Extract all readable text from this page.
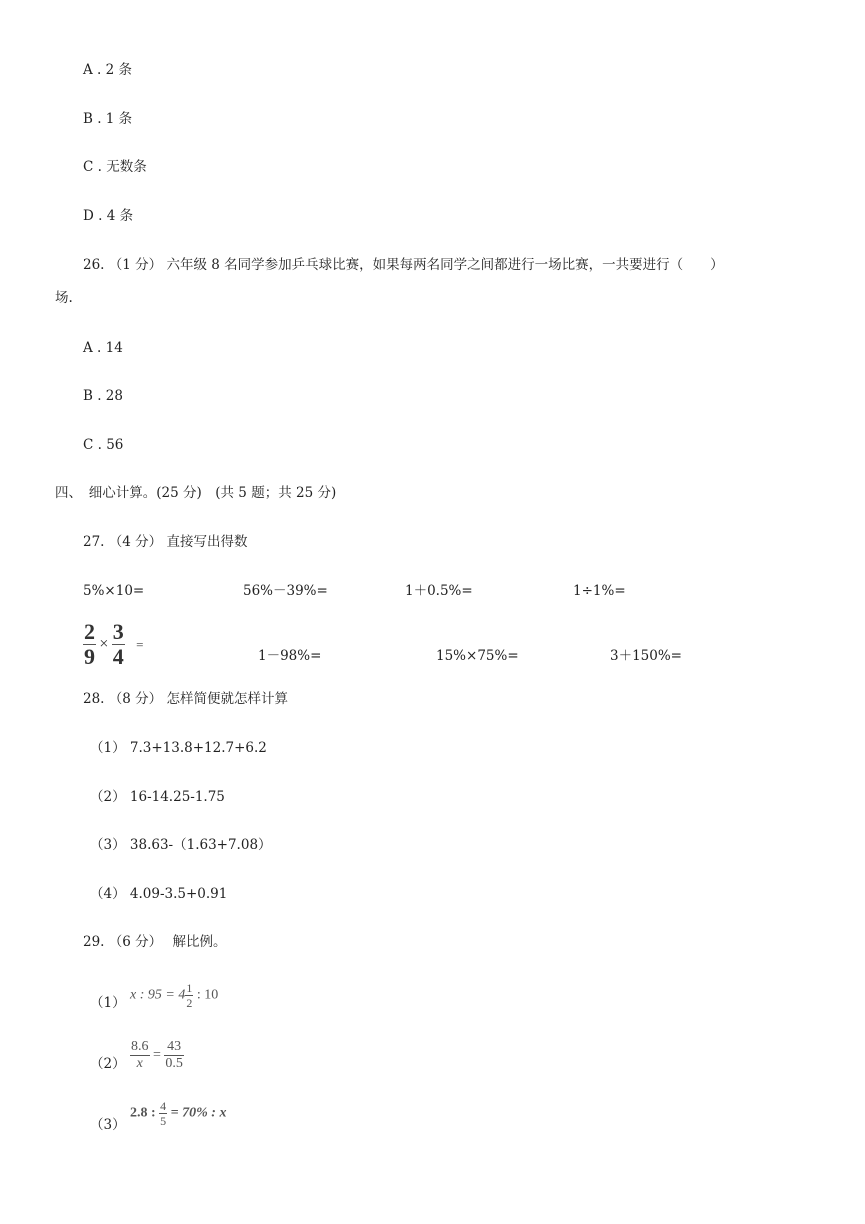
A . 2 条
B . 1 条
C . 无数条
D . 4 条
26. （1 分） 六年级 8 名同学参加乒乓球比赛，如果每两名同学之间都进行一场比赛，一共要进行（　　）
场.
A . 14
B . 28
C . 56
四、　细心计算。(25 分)　(共 5 题；共 25 分)
27. （4 分） 直接写出得数
5%×10=	56%－39%=	1＋0.5%=	1÷1%=
$\frac{2}{9} \times \frac{3}{4}$ =
1－98%=	15%×75%=	3＋150%=
28. （8 分） 怎样简便就怎样计算
（1） 7.3+13.8+12.7+6.2
（2） 16-14.25-1.75
（3） 38.63-（1.63+7.08）
（4） 4.09-3.5+0.91
29. （6 分） 解比例。
（1） x : $95 = 4 \frac{1}{2}$ : 10
$(2) \frac{8.6}{x} = \frac{43}{0.5}$
（3）
2.8 : $\frac{4}{5} = 70\%$ : x
